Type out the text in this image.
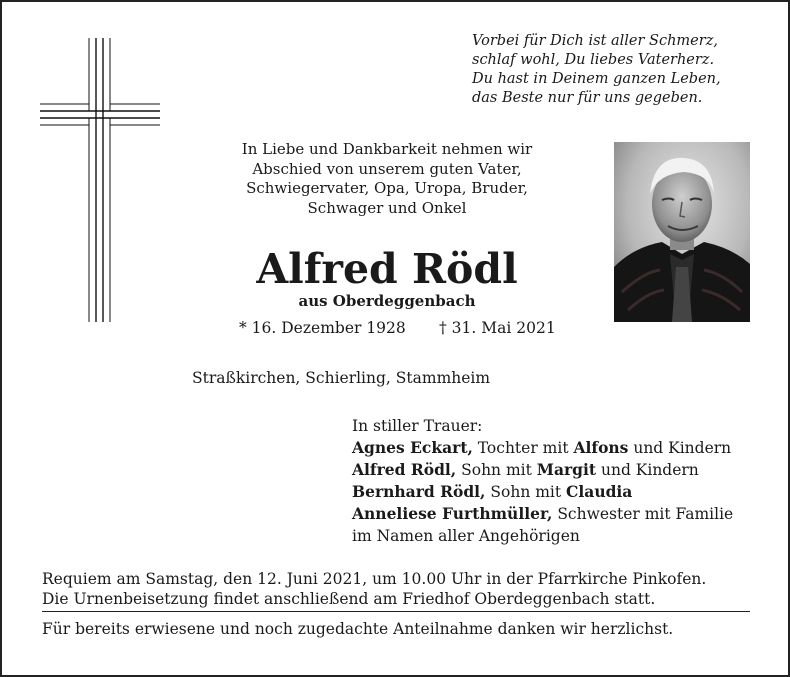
Vorbei für Dich ist aller Schmerz,
schlaf wohl, Du liebes Vaterherz.
Du hast in Deinem ganzen Leben,
das Beste nur für uns gegeben.
In Liebe und Dankbarkeit nehmen wir
Abschied von unserem guten Vater,
Schwiegervater, Opa, Uropa, Bruder,
Schwager und Onkel
Alfred Rödl
aus Oberdeggenbach
* 16. Dezember 1928 † 31. Mai 2021
Straßkirchen, Schierling, Stammheim
In stiller Trauer:
Agnes Eckart, Tochter mit Alfons und Kindern
Alfred Rödl, Sohn mit Margit und Kindern
Bernhard Rödl, Sohn mit Claudia
Anneliese Furthmüller, Schwester mit Familie
im Namen aller Angehörigen
Requiem am Samstag, den 12. Juni 2021, um 10.00 Uhr in der Pfarrkirche Pinkofen.
Die Urnenbeisetzung findet anschließend am Friedhof Oberdeggenbach statt.
Für bereits erwiesene und noch zugedachte Anteilnahme danken wir herzlichst.
